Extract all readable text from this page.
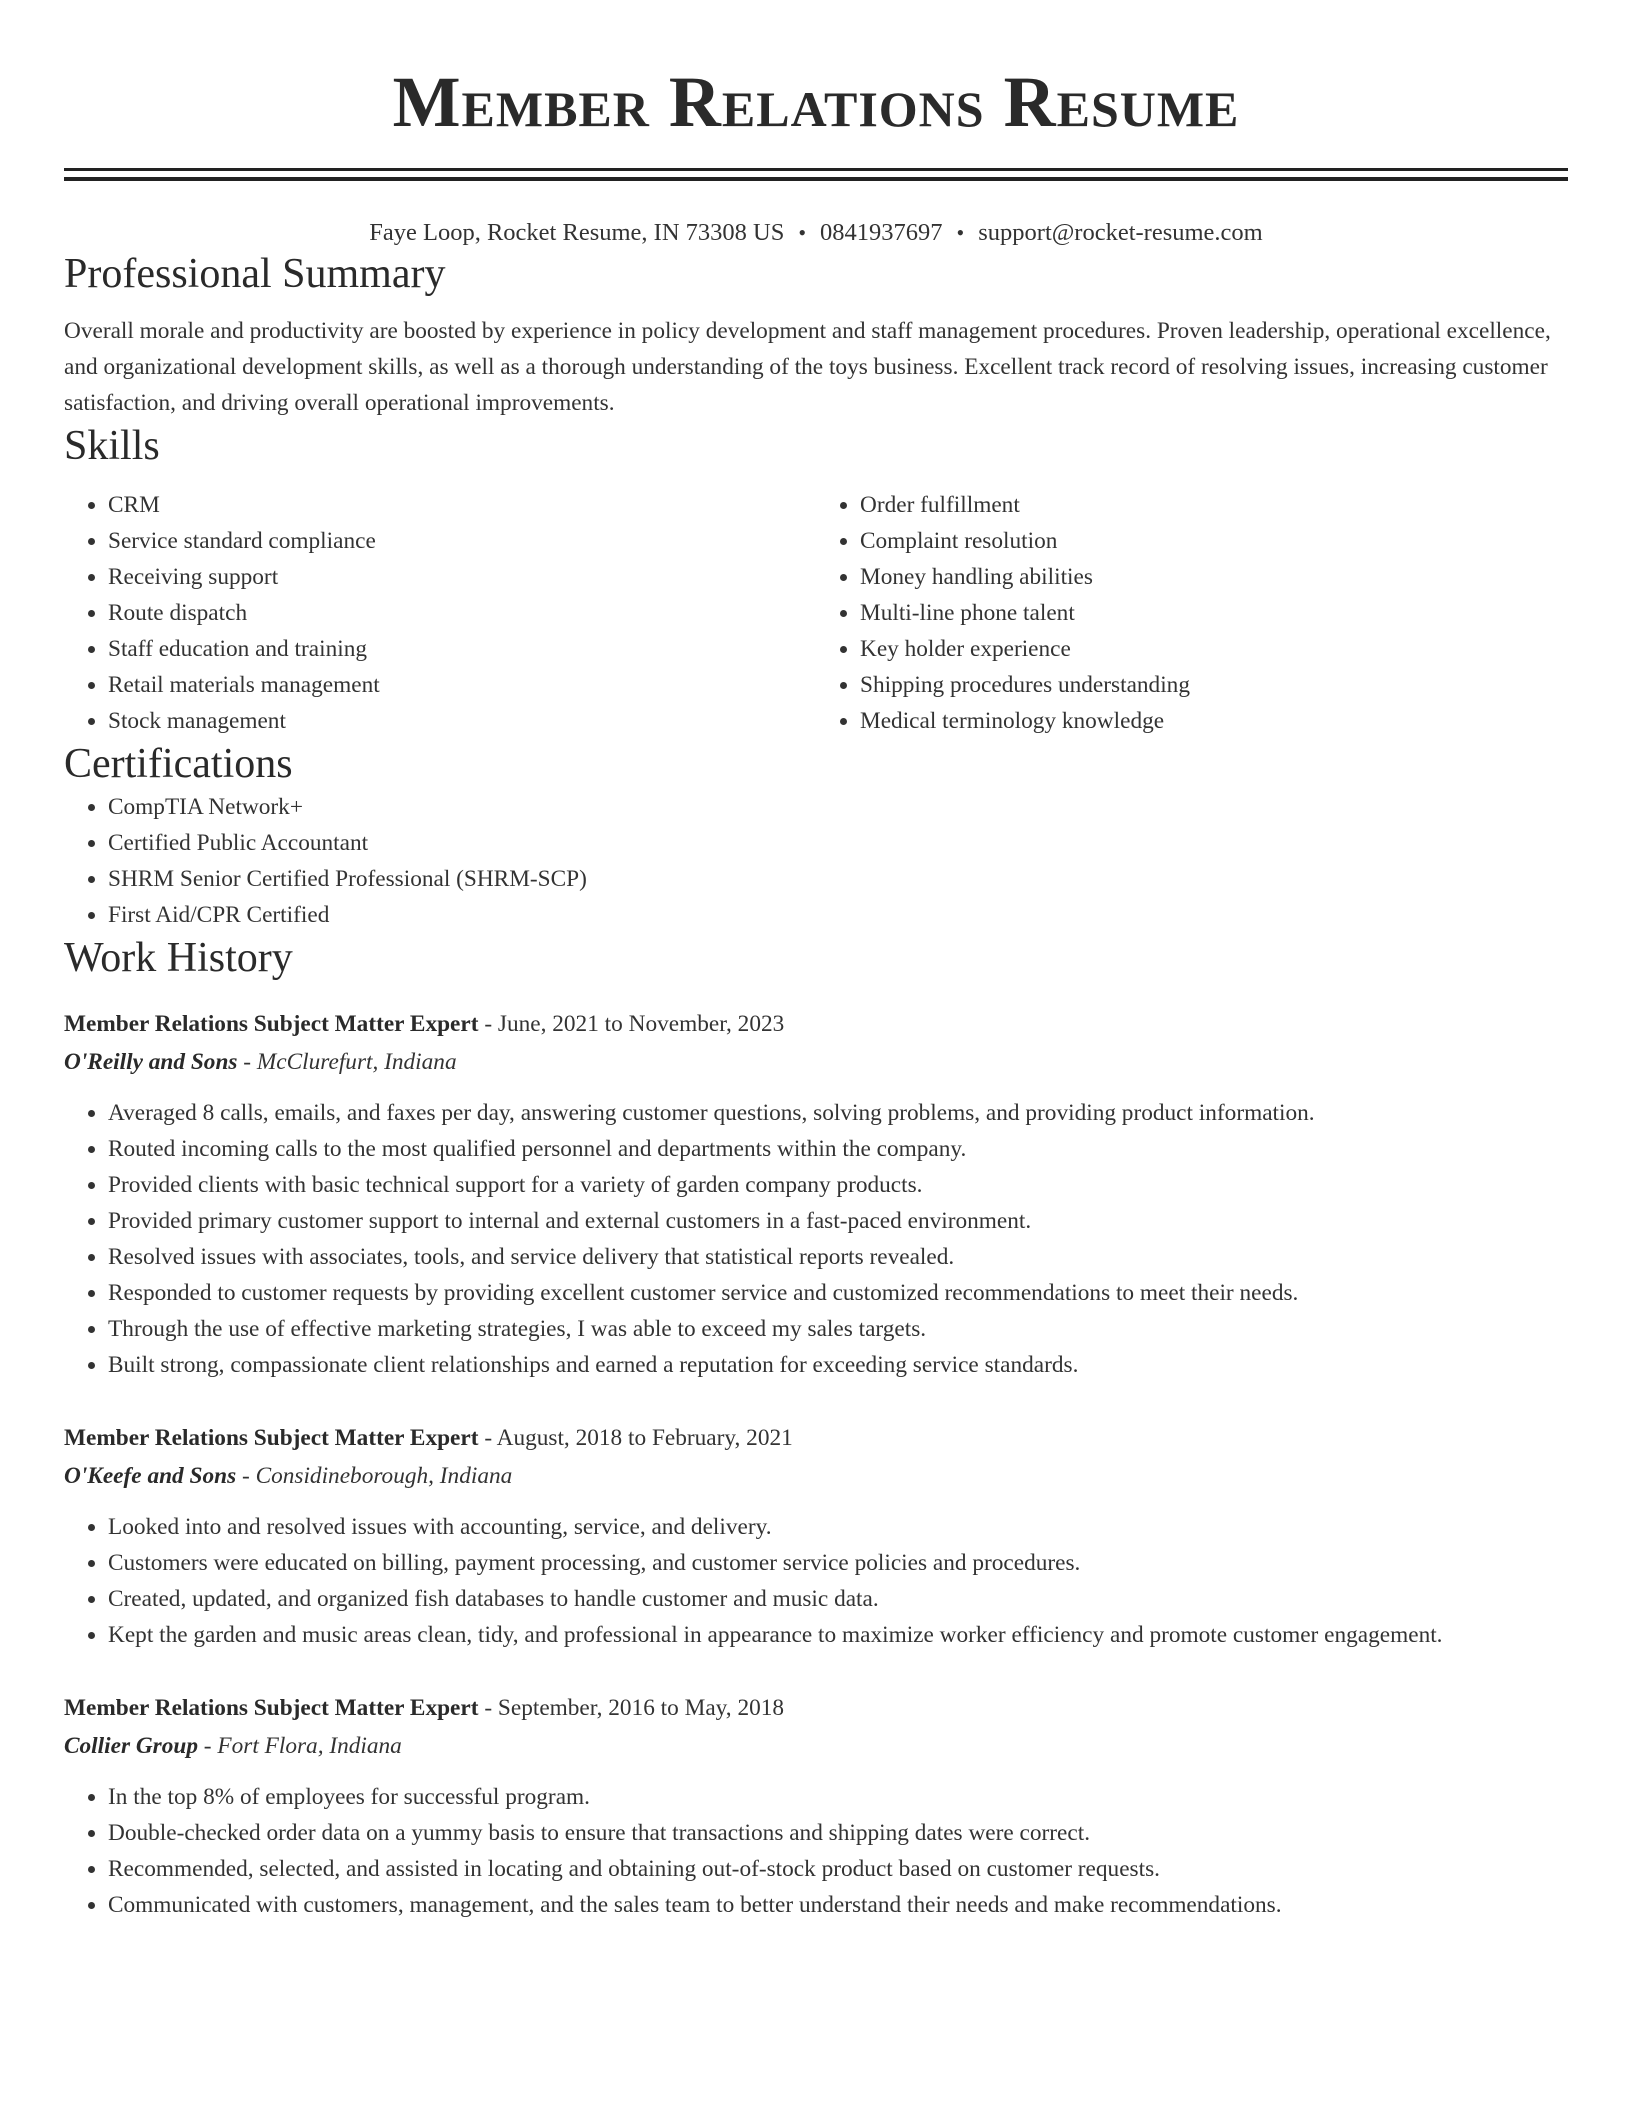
Member Relations Resume
Faye Loop, Rocket Resume, IN 73308 US • 0841937697 • support@rocket-resume.com
Professional Summary

Overall morale and productivity are boosted by experience in policy development and staff management procedures. Proven leadership, operational excellence, and organizational development skills, as well as a thorough understanding of the toys business. Excellent track record of resolving issues, increasing customer satisfaction, and driving overall operational improvements.

Skills
• CRM
• Service standard compliance
• Receiving support
• Route dispatch
• Staff education and training
• Retail materials management
• Stock management
• Order fulfillment
• Complaint resolution
• Money handling abilities
• Multi-line phone talent
• Key holder experience
• Shipping procedures understanding
• Medical terminology knowledge
Certifications
• CompTIA Network+
• Certified Public Accountant
• SHRM Senior Certified Professional (SHRM-SCP)
• First Aid/CPR Certified
Work History
Member Relations Subject Matter Expert - June, 2021 to November, 2023
O'Reilly and Sons - McClurefurt, Indiana
• Averaged 8 calls, emails, and faxes per day, answering customer questions, solving problems, and providing product information.
• Routed incoming calls to the most qualified personnel and departments within the company.
• Provided clients with basic technical support for a variety of garden company products.
• Provided primary customer support to internal and external customers in a fast-paced environment.
• Resolved issues with associates, tools, and service delivery that statistical reports revealed.
• Responded to customer requests by providing excellent customer service and customized recommendations to meet their needs.
• Through the use of effective marketing strategies, I was able to exceed my sales targets.
• Built strong, compassionate client relationships and earned a reputation for exceeding service standards.
Member Relations Subject Matter Expert - August, 2018 to February, 2021
O'Keefe and Sons - Considineborough, Indiana
• Looked into and resolved issues with accounting, service, and delivery.
• Customers were educated on billing, payment processing, and customer service policies and procedures.
• Created, updated, and organized fish databases to handle customer and music data.
• Kept the garden and music areas clean, tidy, and professional in appearance to maximize worker efficiency and promote customer engagement.
Member Relations Subject Matter Expert - September, 2016 to May, 2018
Collier Group - Fort Flora, Indiana
• In the top 8% of employees for successful program.
• Double-checked order data on a yummy basis to ensure that transactions and shipping dates were correct.
• Recommended, selected, and assisted in locating and obtaining out-of-stock product based on customer requests.
• Communicated with customers, management, and the sales team to better understand their needs and make recommendations.
